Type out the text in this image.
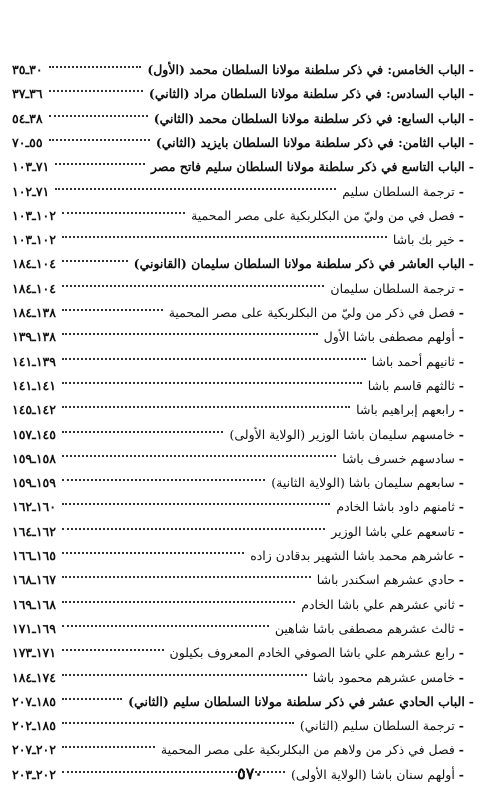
-
الباب الخامس: في ذكر سلطنة مولانا السلطان محمد (الأول)
٣٠ـ٣٥
-
الباب السادس: في ذكر سلطنة مولانا السلطان مراد (الثاني)
٣٦ـ٣٧
-
الباب السابع: في ذكر سلطنة مولانا السلطان محمد (الثاني)
٣٨ـ٥٤
-
الباب الثامن: في ذكر سلطنة مولانا السلطان بايزيد (الثاني)
٥٥ـ٧٠
-
الباب التاسع في ذكر سلطنة مولانا السلطان سليم فاتح مصر
٧١ـ١٠٣
-
ترجمة السلطان سليم
٧١ـ١٠٢
-
فصل في من وليّ من البكلربكية على مصر المحمية
١٠٢ـ١٠٣
-
خير بك باشا
١٠٢ـ١٠٣
-
الباب العاشر في ذكر سلطنة مولانا السلطان سليمان (القانوني)
١٠٤ـ١٨٤
-
ترجمة السلطان سليمان
١٠٤ـ١٨٤
-
فصل في ذكر من وليّ من البكلربكية على مصر المحمية
١٣٨ـ١٨٤
-
أولهم مصطفى باشا الأول
١٣٨ـ١٣٩
-
ثانيهم أحمد باشا
١٣٩ـ١٤١
-
ثالثهم قاسم باشا
١٤١ـ١٤١
-
رابعهم إبراهيم باشا
١٤٢ـ١٤٥
-
خامسهم سليمان باشا الوزير (الولاية الأولى)
١٤٥ـ١٥٧
-
سادسهم خسرف باشا
١٥٨ـ١٥٩
-
سابعهم سليمان باشا (الولاية الثانية)
١٥٩ـ١٥٩
-
ثامنهم داود باشا الخادم
١٦٠ـ١٦٢
-
تاسعهم علي باشا الوزير
١٦٢ـ١٦٤
-
عاشرهم محمد باشا الشهير بدقادن زاده
١٦٥ـ١٦٦
-
حادي عشرهم اسكندر باشا
١٦٧ـ١٦٨
-
ثاني عشرهم علي باشا الخادم
١٦٨ـ١٦٩
-
ثالث عشرهم مصطفى باشا شاهين
١٦٩ـ١٧١
-
رابع عشرهم علي باشا الصوفي الخادم المعروف بكيلون
١٧١ـ١٧٣
-
خامس عشرهم محمود باشا
١٧٤ـ١٨٤
-
الباب الحادي عشر في ذكر سلطنة مولانا السلطان سليم (الثاني)
١٨٥ـ٢٠٧
-
ترجمة السلطان سليم (الثاني)
١٨٥ـ٢٠٢
-
فصل في ذكر من ولاهم من البكلربكية على مصر المحمية
٢٠٢ـ٢٠٧
-
أولهم سنان باشا (الولاية الأولى)
٢٠٢ـ٢٠٣	٥٧٠
